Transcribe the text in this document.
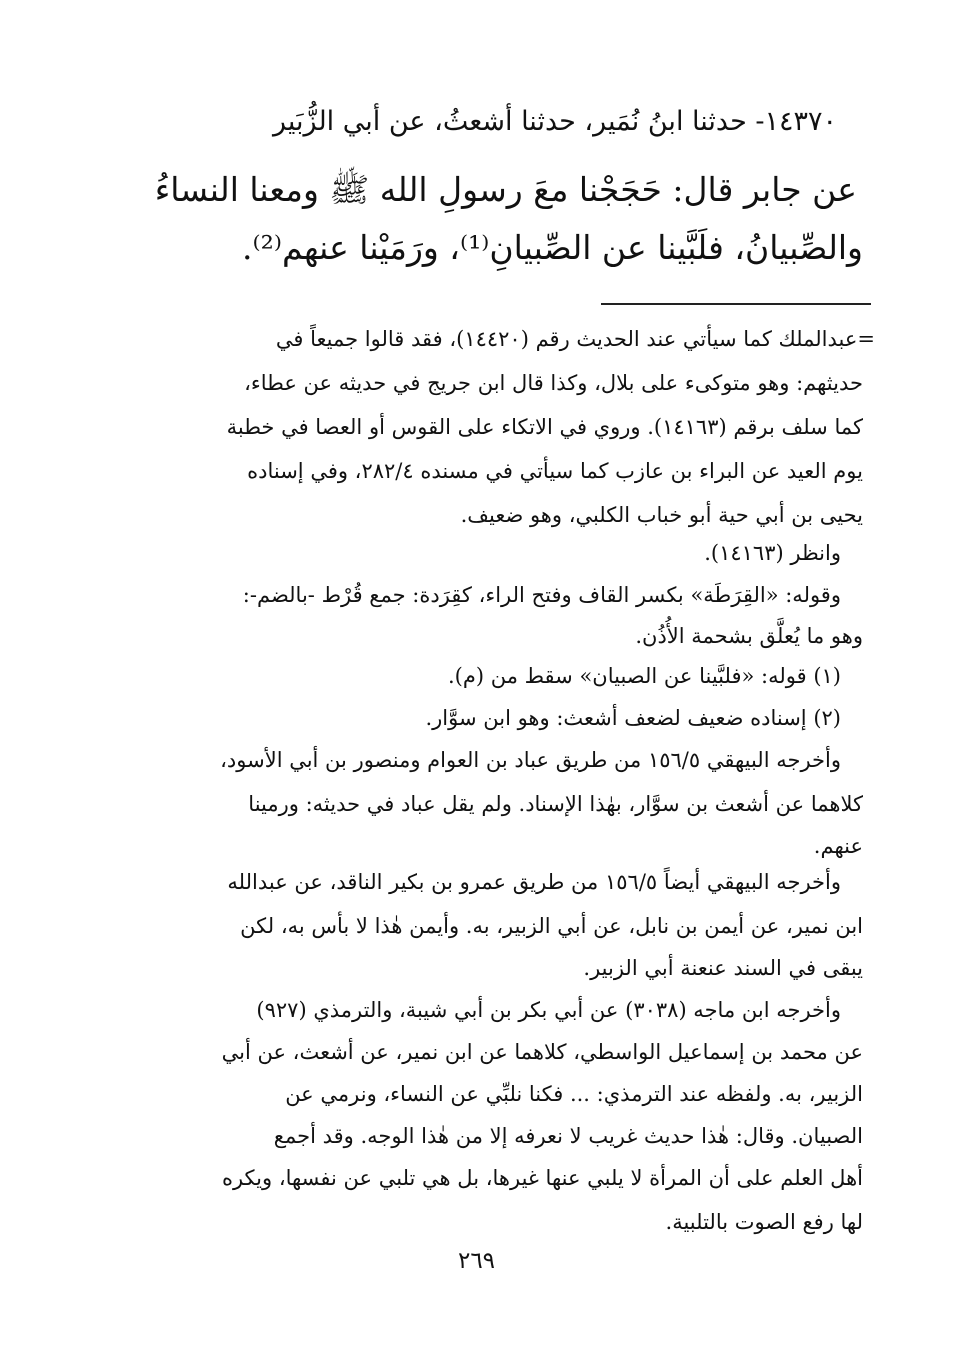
١٤٣٧٠- حدثنا ابنُ نُمَير، حدثنا أشعثُ، عن أبي الزُّبَير
عن جابر قال: حَجَجْنا معَ رسولِ الله ﷺ ومعنا النساءُ
والصِّبيانُ، فلَبَّينا عن الصِّبيانِ⁽¹⁾، ورَمَيْنا عنهم⁽²⁾.
=عبدالملك كما سيأتي عند الحديث رقم (١٤٤٢٠)، فقد قالوا جميعاً في
حديثهم: وهو متوكىء على بلال، وكذا قال ابن جريج في حديثه عن عطاء،
كما سلف برقم (١٤١٦٣). وروي في الاتكاء على القوس أو العصا في خطبة
يوم العيد عن البراء بن عازب كما سيأتي في مسنده ٢٨٢/٤، وفي إسناده
يحيى بن أبي حية أبو خباب الكلبي، وهو ضعيف.
وانظر (١٤١٦٣).
وقوله: «القِرَطَة» بكسر القاف وفتح الراء، كقِرَدة: جمع قُرْط -بالضم-:
وهو ما يُعلَّق بشحمة الأُذُن.
(١) قوله: «فلبَّينا عن الصبيان» سقط من (م).
(٢) إسناده ضعيف لضعف أشعث: وهو ابن سوَّار.
وأخرجه البيهقي ١٥٦/٥ من طريق عباد بن العوام ومنصور بن أبي الأسود،
كلاهما عن أشعث بن سوَّار، بهٰذا الإسناد. ولم يقل عباد في حديثه: ورمينا
عنهم.
وأخرجه البيهقي أيضاً ١٥٦/٥ من طريق عمرو بن بكير الناقد، عن عبدالله
ابن نمير، عن أيمن بن نابل، عن أبي الزبير، به. وأيمن هٰذا لا بأس به، لكن
يبقى في السند عنعنة أبي الزبير.
وأخرجه ابن ماجه (٣٠٣٨) عن أبي بكر بن أبي شيبة، والترمذي (٩٢٧)
عن محمد بن إسماعيل الواسطي، كلاهما عن ابن نمير، عن أشعث، عن أبي
الزبير، به. ولفظه عند الترمذي: ... فكنا نلبِّي عن النساء، ونرمي عن
الصبيان. وقال: هٰذا حديث غريب لا نعرفه إلا من هٰذا الوجه. وقد أجمع
أهل العلم على أن المرأة لا يلبي عنها غيرها، بل هي تلبي عن نفسها، ويكره
لها رفع الصوت بالتلبية.
٢٦٩
